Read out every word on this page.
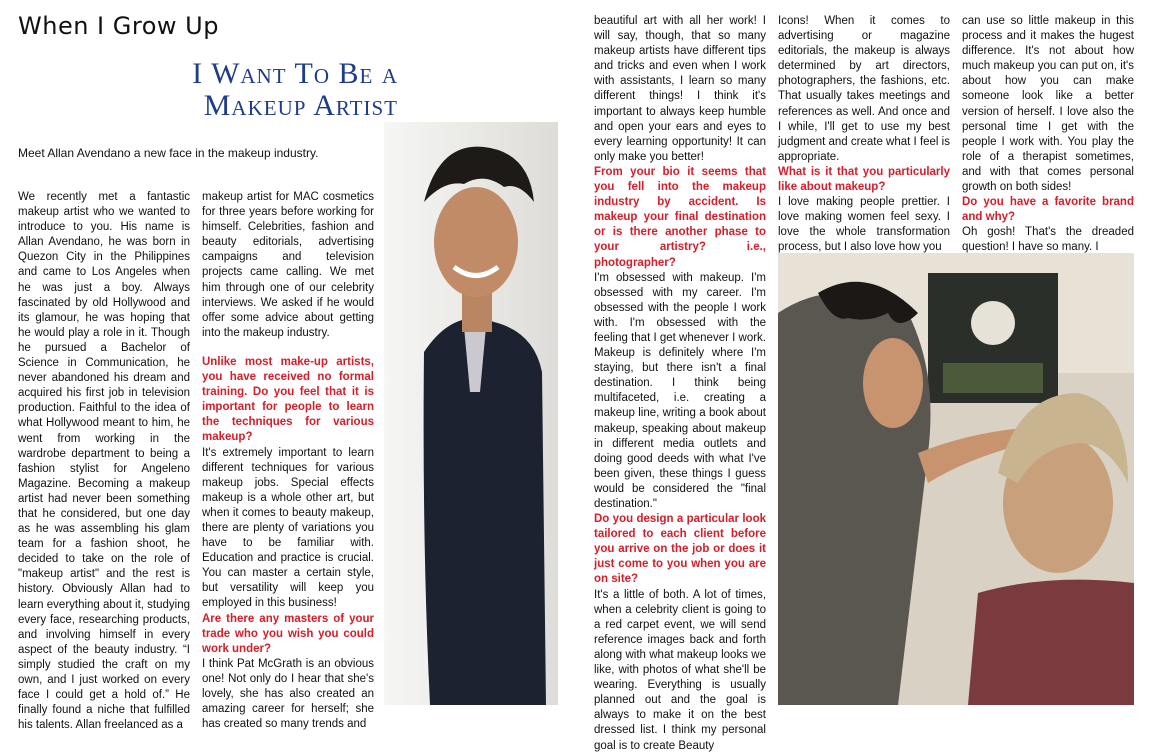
When I Grow Up
I Want To Be a
Makeup Artist
Meet Allan Avendano a new face in the makeup industry.

We recently met a fantastic makeup artist who we wanted to introduce to you. His name is Allan Avendano, he was born in Quezon City in the Philippines and came to Los Angeles when he was just a boy. Always fascinated by old Hollywood and its glamour, he was hoping that he would play a role in it. Though he pursued a Bachelor of Science in Communication, he never abandoned his dream and acquired his first job in television production. Faithful to the idea of what Hollywood meant to him, he went from working in the wardrobe department to being a fashion stylist for Angeleno Magazine. Becoming a makeup artist had never been something that he considered, but one day as he was assembling his glam team for a fashion shoot, he decided to take on the role of "makeup artist" and the rest is history. Obviously Allan had to learn everything about it, studying every face, researching products, and involving himself in every aspect of the beauty industry. “I simply studied the craft on my own, and I just worked on every face I could get a hold of.” He finally found a niche that fulfilled his talents. Allan freelanced as a

makeup artist for MAC cosmetics for three years before working for himself. Celebrities, fashion and beauty editorials, advertising campaigns and television projects came calling. We met him through one of our celebrity interviews. We asked if he would offer some advice about getting into the makeup industry.

Unlike most make-up artists, you have received no formal training. Do you feel that it is important for people to learn the techniques for various makeup?

It's extremely important to learn different techniques for various makeup jobs. Special effects makeup is a whole other art, but when it comes to beauty makeup, there are plenty of variations you have to be familiar with. Education and practice is crucial. You can master a certain style, but versatility will keep you employed in this business!

Are there any masters of your trade who you wish you could work under?

I think Pat McGrath is an obvious one! Not only do I hear that she's lovely, she has also created an amazing career for herself; she has created so many trends and

beautiful art with all her work! I will say, though, that so many makeup artists have different tips and tricks and even when I work with assistants, I learn so many different things! I think it's important to always keep humble and open your ears and eyes to every learning opportunity! It can only make you better!

From your bio it seems that you fell into the makeup industry by accident. Is makeup your final destination or is there another phase to your artistry? i.e., photographer?

I'm obsessed with makeup. I'm obsessed with my career. I'm obsessed with the people I work with. I'm obsessed with the feeling that I get whenever I work. Makeup is definitely where I'm staying, but there isn't a final destination. I think being multifaceted, i.e. creating a makeup line, writing a book about makeup, speaking about makeup in different media outlets and doing good deeds with what I've been given, these things I guess would be considered the "final destination."

Do you design a particular look tailored to each client before you arrive on the job or does it just come to you when you are on site?

It's a little of both. A lot of times, when a celebrity client is going to a red carpet event, we will send reference images back and forth along with what makeup looks we like, with photos of what she'll be wearing. Everything is usually planned out and the goal is always to make it on the best dressed list. I think my personal goal is to create Beauty

Icons! When it comes to advertising or magazine editorials, the makeup is always determined by art directors, photographers, the fashions, etc. That usually takes meetings and references as well. And once and I while, I'll get to use my best judgment and create what I feel is appropriate.

What is it that you particularly like about makeup?

I love making people prettier. I love making women feel sexy. I love the whole transformation process, but I also love how you

can use so little makeup in this process and it makes the hugest difference. It's not about how much makeup you can put on, it's about how you can make someone look like a better version of herself. I love also the personal time I get with the people I work with. You play the role of a therapist sometimes, and with that comes personal growth on both sides!

Do you have a favorite brand and why?

Oh gosh! That's the dreaded question! I have so many. I
